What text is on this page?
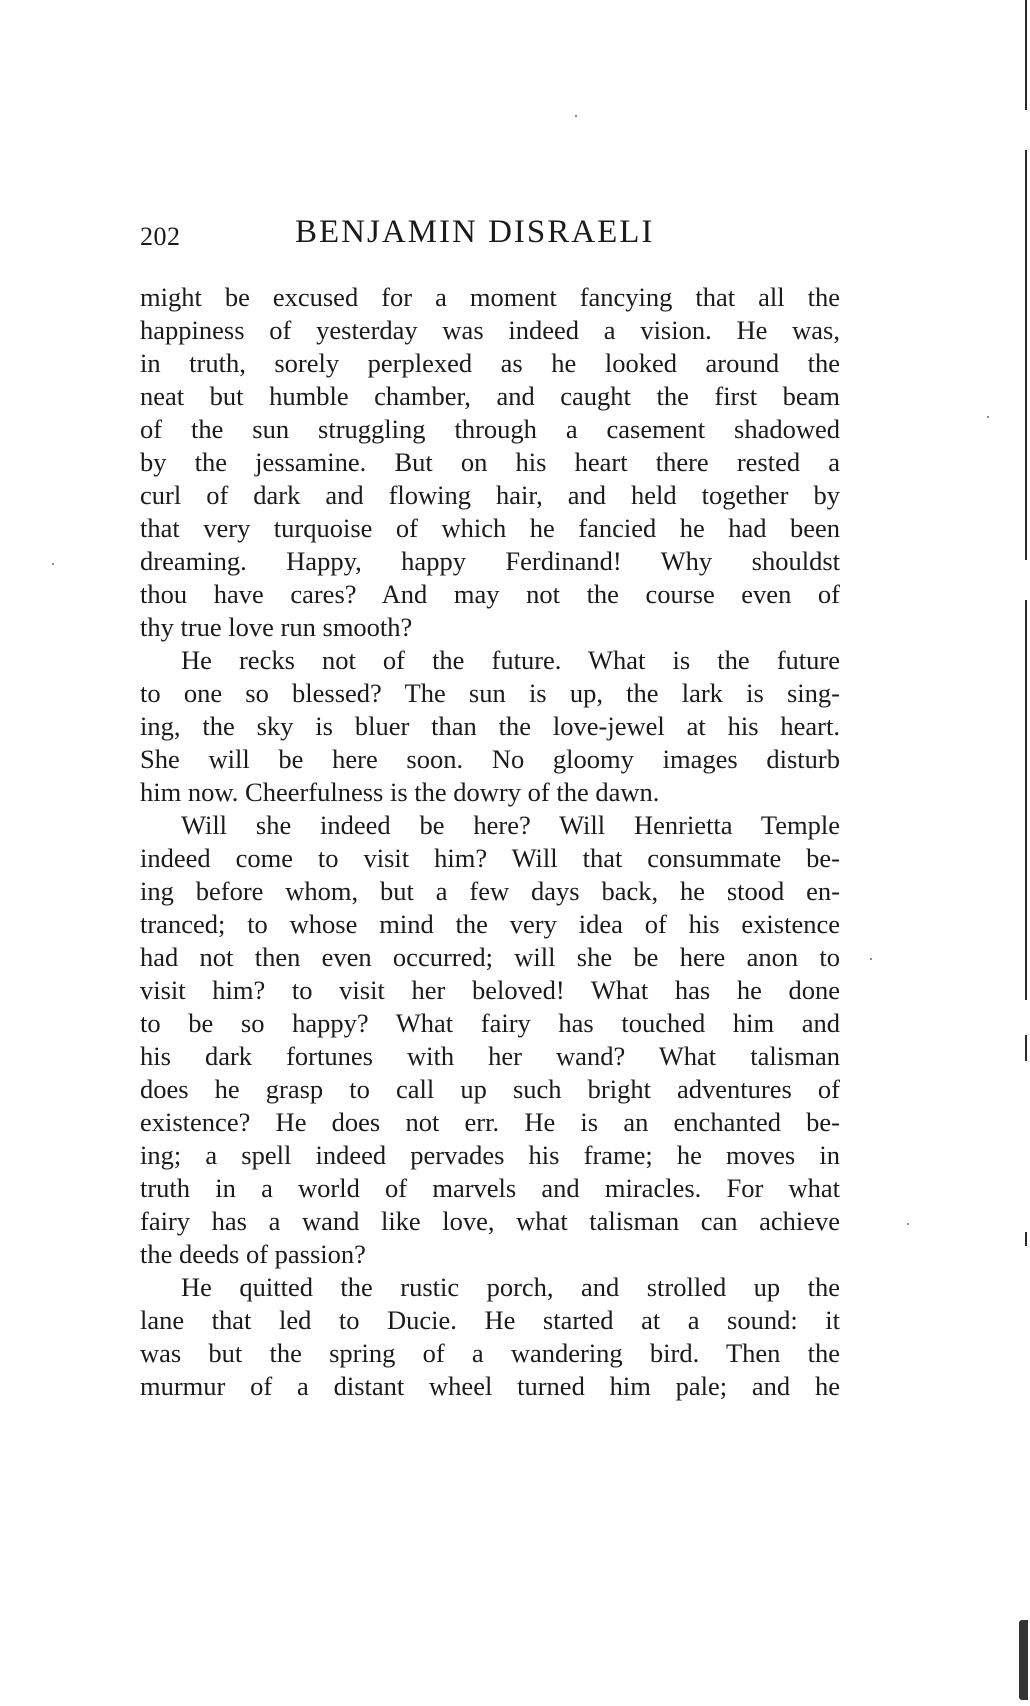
202	BENJAMIN DISRAELI

might be excused for a moment fancying that all the

happiness of yesterday was indeed a vision. He was,

in truth, sorely perplexed as he looked around the

neat but humble chamber, and caught the first beam

of the sun struggling through a casement shadowed

by the jessamine. But on his heart there rested a

curl of dark and flowing hair, and held together by

that very turquoise of which he fancied he had been

dreaming. Happy, happy Ferdinand! Why shouldst

thou have cares? And may not the course even of

thy true love run smooth?

He recks not of the future. What is the future

to one so blessed? The sun is up, the lark is sing-

ing, the sky is bluer than the love-jewel at his heart.

She will be here soon. No gloomy images disturb

him now. Cheerfulness is the dowry of the dawn.

Will she indeed be here? Will Henrietta Temple

indeed come to visit him? Will that consummate be-

ing before whom, but a few days back, he stood en-

tranced; to whose mind the very idea of his existence

had not then even occurred; will she be here anon to

visit him? to visit her beloved! What has he done

to be so happy? What fairy has touched him and

his dark fortunes with her wand? What talisman

does he grasp to call up such bright adventures of

existence? He does not err. He is an enchanted be-

ing; a spell indeed pervades his frame; he moves in

truth in a world of marvels and miracles. For what

fairy has a wand like love, what talisman can achieve

the deeds of passion?

He quitted the rustic porch, and strolled up the

lane that led to Ducie. He started at a sound: it

was but the spring of a wandering bird. Then the

murmur of a distant wheel turned him pale; and he
